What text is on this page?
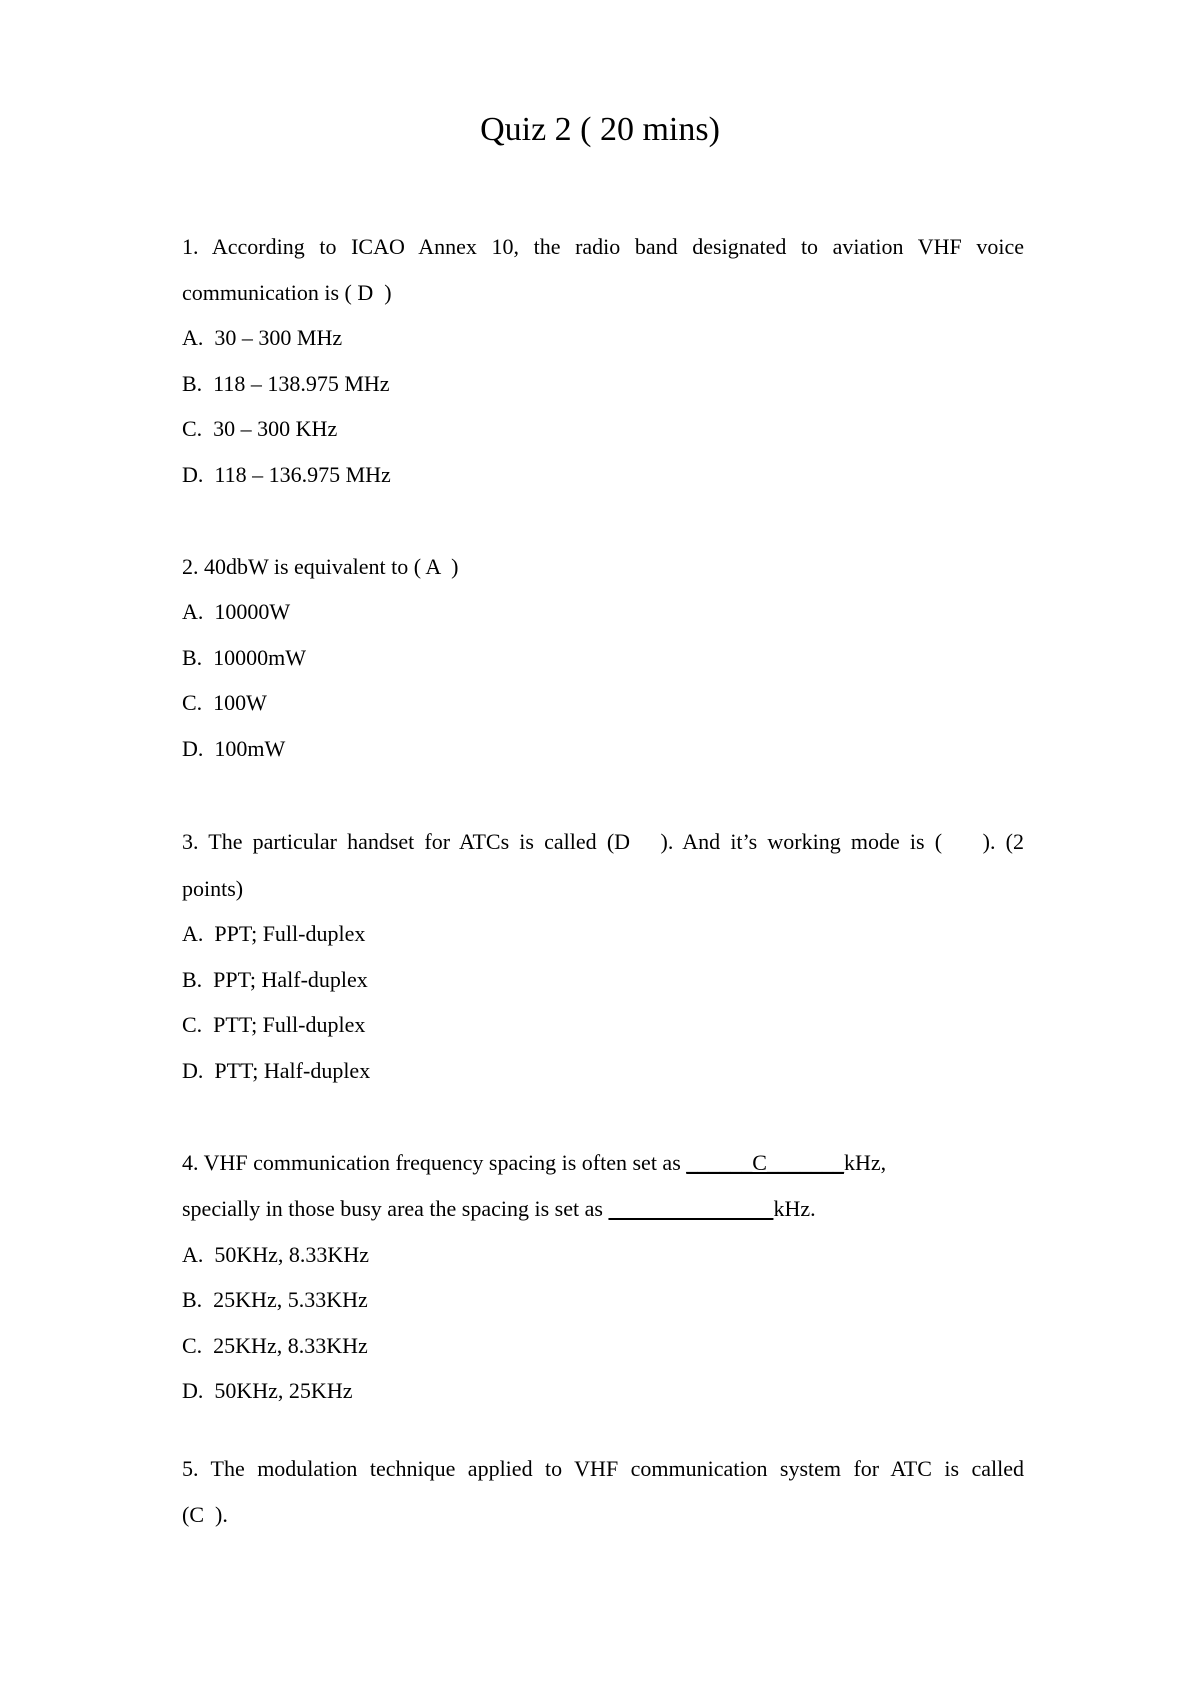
Quiz 2 ( 20 mins)
1. According to ICAO Annex 10, the radio band designated to aviation VHF voice
communication is ( D  )
A.  30 – 300 MHz
B.  118 – 138.975 MHz
C.  30 – 300 KHz
D.  118 – 136.975 MHz
2. 40dbW is equivalent to ( A  )
A.  10000W
B.  10000mW
C.  100W
D.  100mW
3. The particular handset for ATCs is called (D   ). And it’s working mode is (    ). (2
points)
A.  PPT; Full-duplex
B.  PPT; Half-duplex
C.  PTT; Full-duplex
D.  PTT; Half-duplex
4. VHF communication frequency spacing is often set as ______C_______kHz,
specially in those busy area the spacing is set as	kHz.
A.  50KHz, 8.33KHz
B.  25KHz, 5.33KHz
C.  25KHz, 8.33KHz
D.  50KHz, 25KHz
5. The modulation technique applied to VHF communication system for ATC is called
(C  ).
